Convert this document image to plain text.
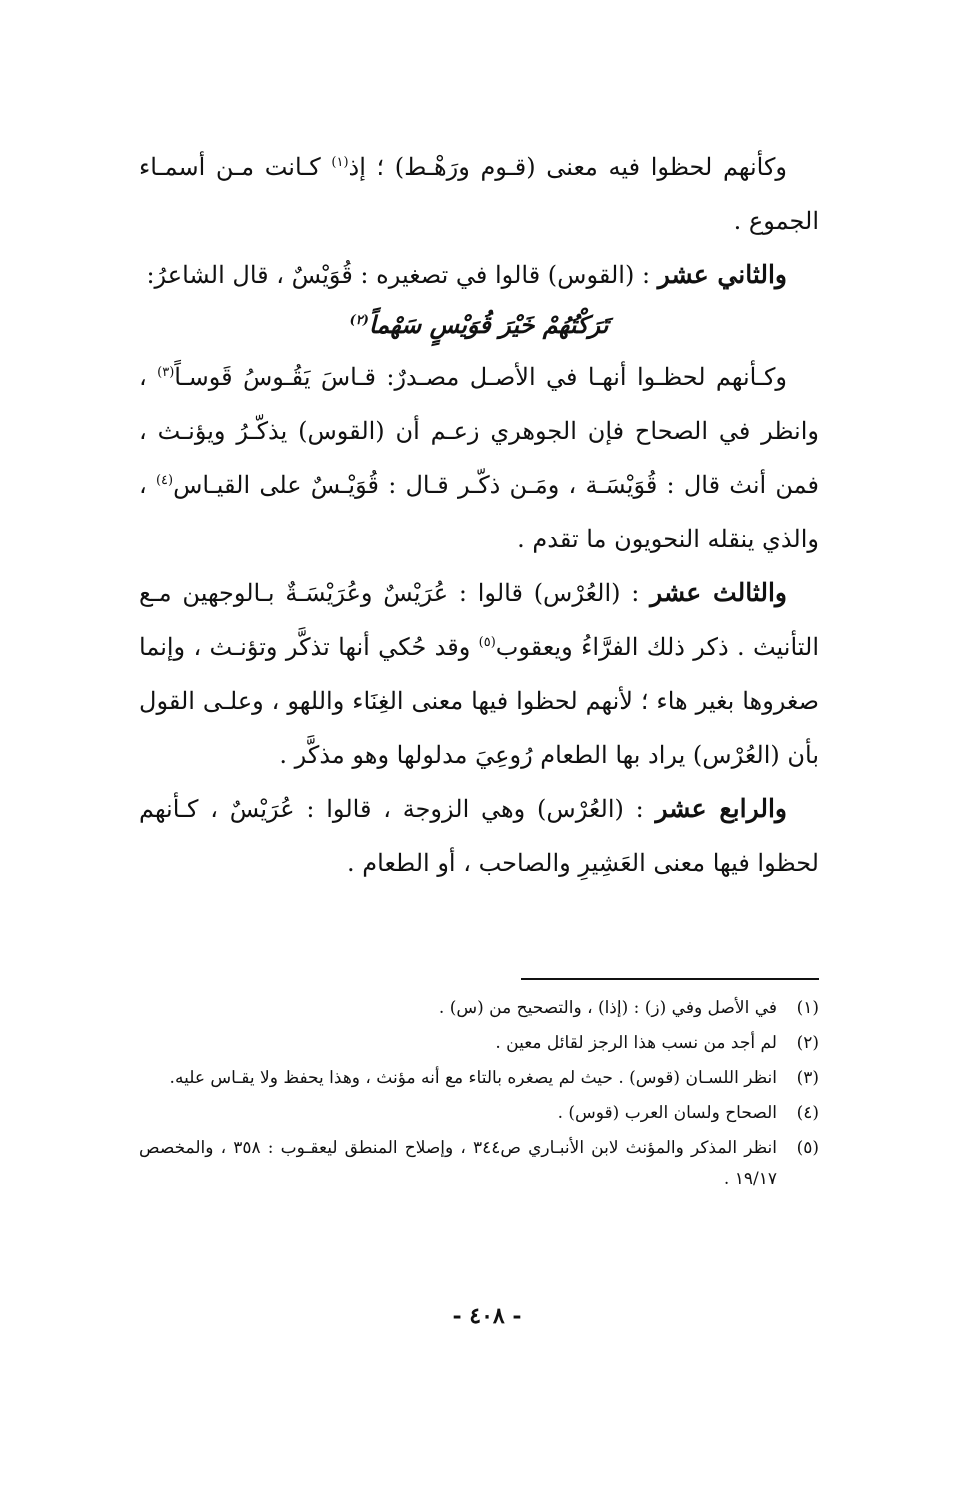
وكأنهم لحظوا فيه معنى (قـوم ورَهْـط) ؛ إذ$^{(١)}$ كـانت مـن أسمـاء الجموع .

والثاني عشر : (القوس) قالوا في تصغيره : قُوَيْسٌ ، قال الشاعرُ:

تَرَكْتُهُمْ خَيْرَ قُوَيْسٍ سَهْماً$^{(٢)}$

وكـأنهم لحظـوا أنهـا في الأصـل مصـدرٌ: قـاسَ يَقُـوسُ قَوسـاً$^{(٣)}$ ، وانظر في الصحاح فإن الجوهري زعـم أن (القوس) يذكّـرُ ويؤنـث ، فمن أنث قال : قُوَيْسَـة ، ومَـن ذكّـر قـال : قُوَيْـسٌ على القيـاس$^{(٤)}$ ، والذي ينقله النحويون ما تقدم .

والثالث عشر : (العُرْس) قالوا : عُرَيْسٌ وعُرَيْسَـةٌ بـالوجهين مـع التأنيث . ذكر ذلك الفرَّاءُ ويعقوب$^{(٥)}$ وقد حُكي أنها تذكَّر وتؤنـث ، وإنما صغروها بغير هاء ؛ لأنهم لحظوا فيها معنى الغِنَاء واللهو ، وعلـى القول بأن (العُرْس) يراد بها الطعام رُوعِيَ مدلولها وهو مذكَّر .

والرابع عشر : (العُرْس) وهي الزوجة ، قالوا : عُرَيْسٌ ، كـأنهم لحظوا فيها معنى العَشِيرِ والصاحب ، أو الطعام .

(١)
في الأصل وفي (ز) : (إذا) ، والتصحيح من (س) .
(٢)
لم أجد من نسب هذا الرجز لقائل معين .
(٣)
انظر اللسـان (قوس) . حيث لم يصغره بالتاء مع أنه مؤنث ، وهذا يحفظ ولا يقـاس عليه.
(٤)
الصحاح ولسان العرب (قوس) .
(٥)
انظر المذكر والمؤنث لابن الأنبـاري ص٣٤٤ ، وإصلاح المنطق ليعقـوب : ٣٥٨ ، والمخصص ١٩/١٧ .
- ٤٠٨ -
